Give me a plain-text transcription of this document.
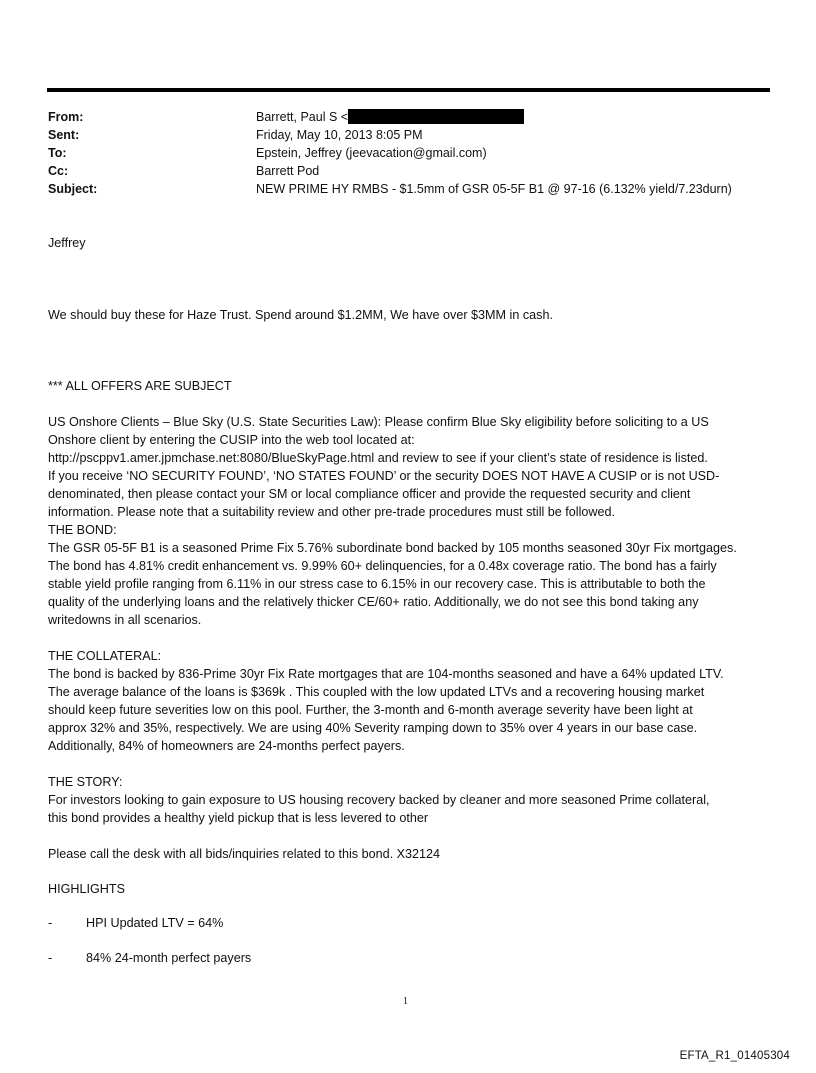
From:	Barrett, Paul S <
Sent:	Friday, May 10, 2013 8:05 PM
To:	Epstein, Jeffrey (jeevacation@gmail.com)
Cc:	Barrett Pod
Subject:	NEW PRIME HY RMBS - $1.5mm of GSR 05-5F B1 @ 97-16 (6.132% yield/7.23durn)
Jeffrey
We should buy these for Haze Trust. Spend around $1.2MM, We have over $3MM in cash.
*** ALL OFFERS ARE SUBJECT
US Onshore Clients – Blue Sky (U.S. State Securities Law): Please confirm Blue Sky eligibility before soliciting to a US
Onshore client by entering the CUSIP into the web tool located at:
http://pscppv1.amer.jpmchase.net:8080/BlueSkyPage.html and review to see if your client’s state of residence is listed.
If you receive ‘NO SECURITY FOUND’, ‘NO STATES FOUND’ or the security DOES NOT HAVE A CUSIP or is not USD-
denominated, then please contact your SM or local compliance officer and provide the requested security and client
information. Please note that a suitability review and other pre-trade procedures must still be followed.
THE BOND:
The GSR 05-5F B1 is a seasoned Prime Fix 5.76% subordinate bond backed by 105 months seasoned 30yr Fix mortgages.
The bond has 4.81% credit enhancement vs. 9.99% 60+ delinquencies, for a 0.48x coverage ratio. The bond has a fairly
stable yield profile ranging from 6.11% in our stress case to 6.15% in our recovery case. This is attributable to both the
quality of the underlying loans and the relatively thicker CE/60+ ratio. Additionally, we do not see this bond taking any
writedowns in all scenarios.
THE COLLATERAL:
The bond is backed by 836-Prime 30yr Fix Rate mortgages that are 104-months seasoned and have a 64% updated LTV.
The average balance of the loans is $369k . This coupled with the low updated LTVs and a recovering housing market
should keep future severities low on this pool. Further, the 3-month and 6-month average severity have been light at
approx 32% and 35%, respectively. We are using 40% Severity ramping down to 35% over 4 years in our base case.
Additionally, 84% of homeowners are 24-months perfect payers.
THE STORY:
For investors looking to gain exposure to US housing recovery backed by cleaner and more seasoned Prime collateral,
this bond provides a healthy yield pickup that is less levered to other
Please call the desk with all bids/inquiries related to this bond. X32124
HIGHLIGHTS
-	HPI Updated LTV = 64%
-	84% 24-month perfect payers
1
EFTA_R1_01405304
